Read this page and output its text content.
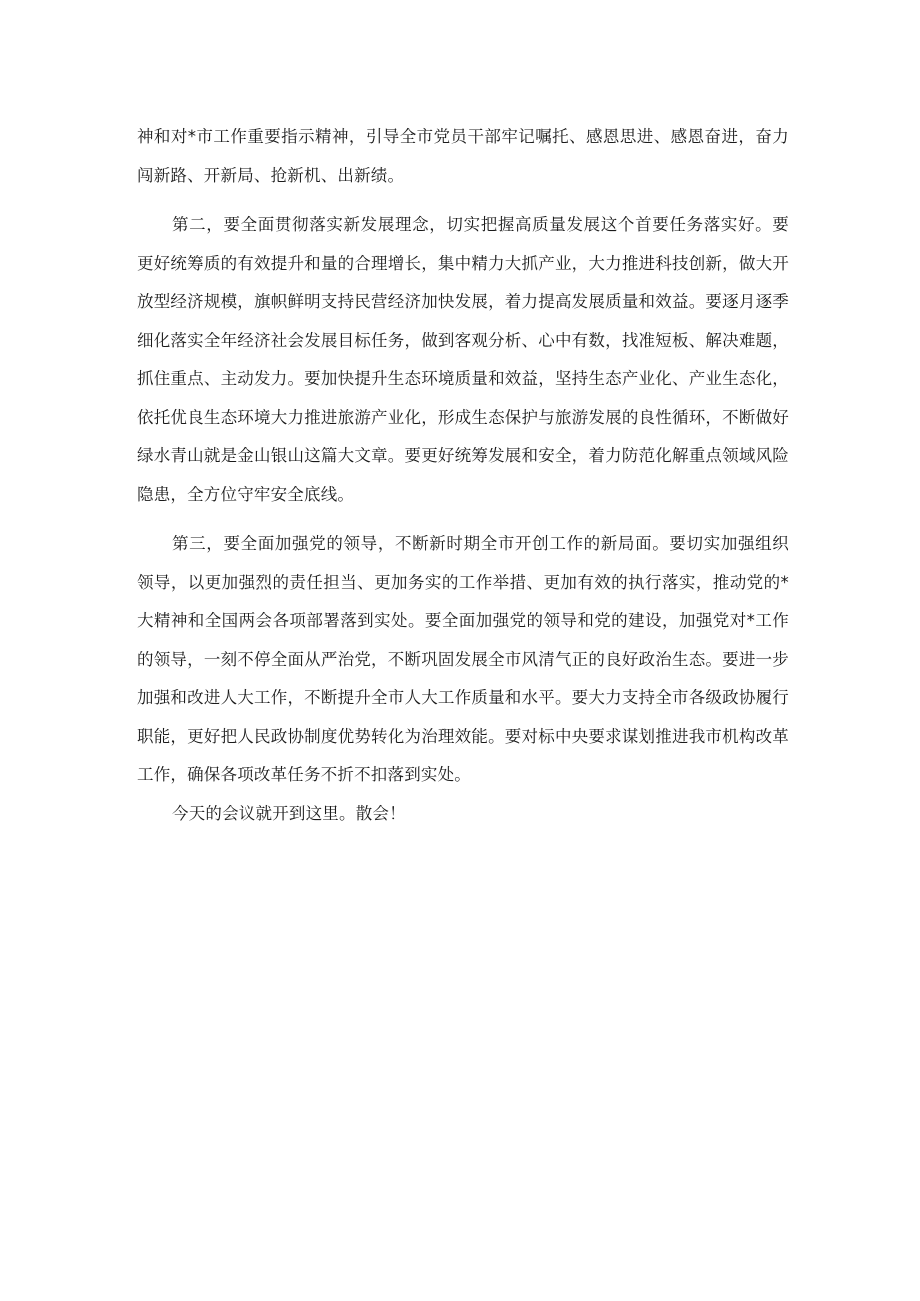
神和对*市工作重要指示精神，引导全市党员干部牢记嘱托、感恩思进、感恩奋进，奋力闯新路、开新局、抢新机、出新绩。

第二，要全面贯彻落实新发展理念，切实把握高质量发展这个首要任务落实好。要更好统筹质的有效提升和量的合理增长，集中精力大抓产业，大力推进科技创新，做大开放型经济规模，旗帜鲜明支持民营经济加快发展，着力提高发展质量和效益。要逐月逐季细化落实全年经济社会发展目标任务，做到客观分析、心中有数，找准短板、解决难题，抓住重点、主动发力。要加快提升生态环境质量和效益，坚持生态产业化、产业生态化，依托优良生态环境大力推进旅游产业化，形成生态保护与旅游发展的良性循环，不断做好绿水青山就是金山银山这篇大文章。要更好统筹发展和安全，着力防范化解重点领域风险隐患，全方位守牢安全底线。

第三，要全面加强党的领导，不断新时期全市开创工作的新局面。要切实加强组织领导，以更加强烈的责任担当、更加务实的工作举措、更加有效的执行落实，推动党的*大精神和全国两会各项部署落到实处。要全面加强党的领导和党的建设，加强党对*工作的领导，一刻不停全面从严治党，不断巩固发展全市风清气正的良好政治生态。要进一步加强和改进人大工作，不断提升全市人大工作质量和水平。要大力支持全市各级政协履行职能，更好把人民政协制度优势转化为治理效能。要对标中央要求谋划推进我市机构改革工作，确保各项改革任务不折不扣落到实处。

今天的会议就开到这里。散会！
